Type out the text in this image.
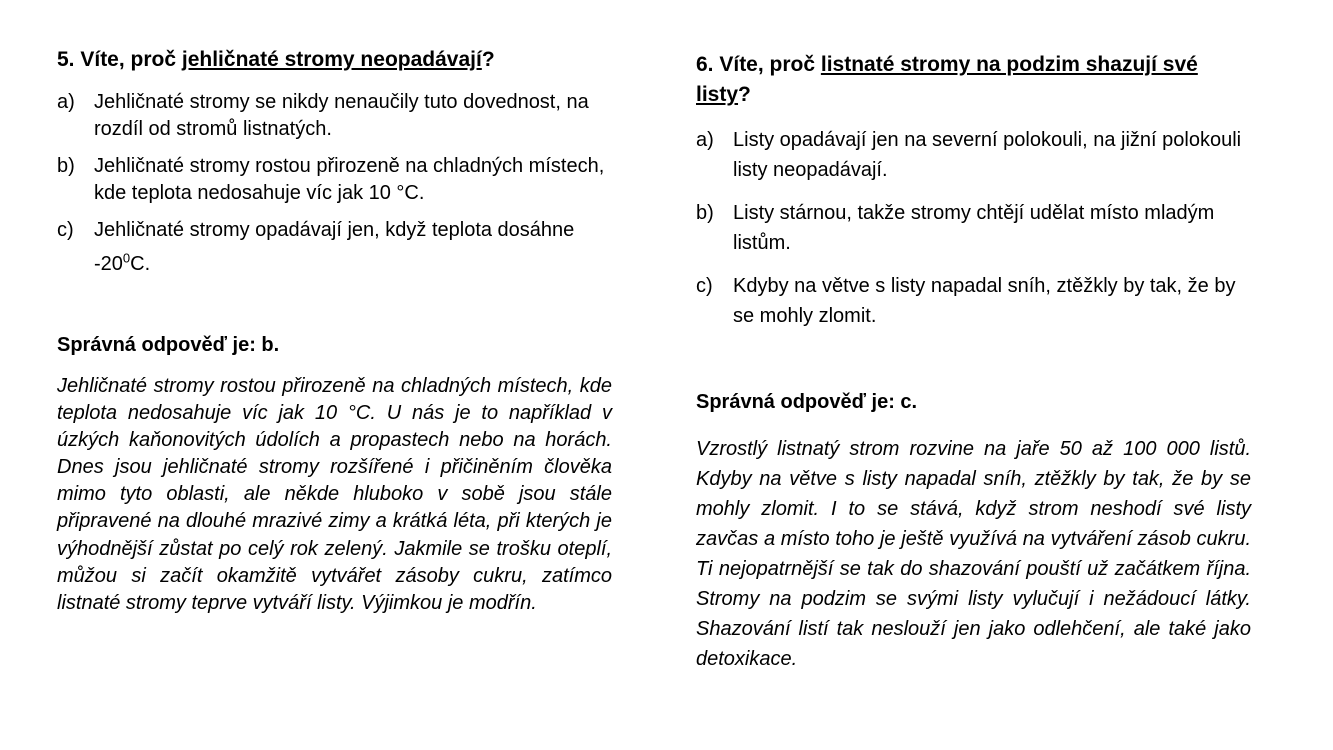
5. Víte, proč jehličnaté stromy neopadávají?

a) Jehličnaté stromy se nikdy nenaučily tuto dovednost, na rozdíl od stromů listnatých.
b) Jehličnaté stromy rostou přirozeně na chladných místech, kde teplota nedosahuje víc jak 10 °C.
c) Jehličnaté stromy opadávají jen, když teplota dosáhne $-20^0C$.

Správná odpověď je: b.

Jehličnaté stromy rostou přirozeně na chladných místech, kde teplota nedosahuje víc jak 10 °C. U nás je to například v úzkých kaňonovitých údolích a propastech nebo na horách. Dnes jsou jehličnaté stromy rozšířené i přičiněním člověka mimo tyto oblasti, ale někde hluboko v sobě jsou stále připravené na dlouhé mrazivé zimy a krátká léta, při kterých je výhodnější zůstat po celý rok zelený. Jakmile se trošku oteplí, můžou si začít okamžitě vytvářet zásoby cukru, zatímco listnaté stromy teprve vytváří listy. Výjimkou je modřín.

6. Víte, proč listnaté stromy na podzim shazují své
listy?

a) Listy opadávají jen na severní polokouli, na jižní polokouli listy neopadávají.
b) Listy stárnou, takže stromy chtějí udělat místo mladým listům.
c) Kdyby na větve s listy napadal sníh, ztěžkly by tak, že by se mohly zlomit.

Správná odpověď je: c.

Vzrostlý listnatý strom rozvine na jaře 50 až 100 000 listů. Kdyby na větve s listy napadal sníh, ztěžkly by tak, že by se mohly zlomit. I to se stává, když strom neshodí své listy zavčas a místo toho je ještě využívá na vytváření zásob cukru. Ti nejopatrnější se tak do shazování pouští už začátkem října. Stromy na podzim se svými listy vylučují i nežádoucí látky. Shazování listí tak neslouží jen jako odlehčení, ale také jako detoxikace.
